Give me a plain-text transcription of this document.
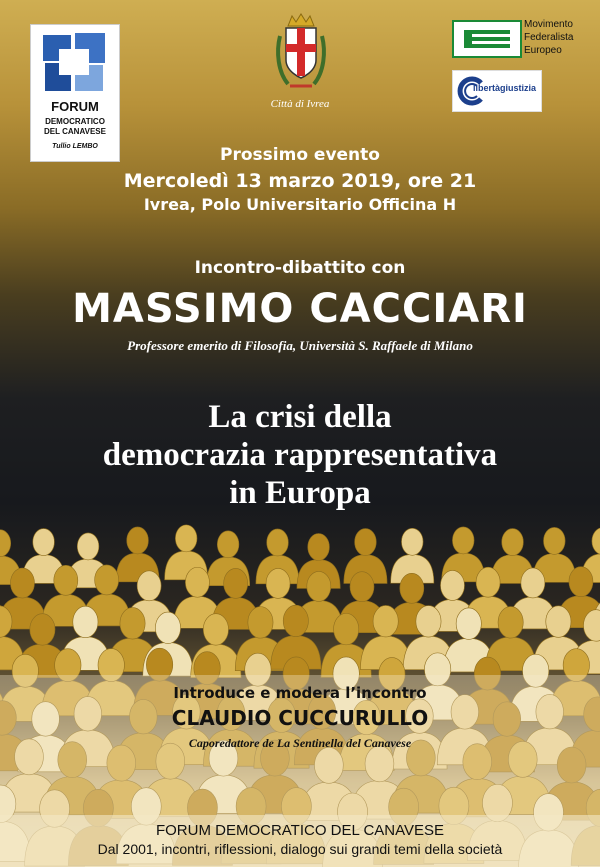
FORUM
DEMOCRATICO
DEL CANAVESE
Tullio LEMBO
Città di Ivrea
Movimento
Federalista
Europeo
libertàgiustizia
Prossimo evento
Mercoledì 13 marzo 2019, ore 21
Ivrea, Polo Universitario Officina H
Incontro-dibattito con
MASSIMO CACCIARI
Professore emerito di Filosofia, Università S. Raffaele di Milano
La crisi della
democrazia rappresentativa
in Europa
Introduce e modera l’incontro
CLAUDIO CUCCURULLO
Caporedattore de La Sentinella del Canavese
FORUM DEMOCRATICO DEL CANAVESE
Dal 2001, incontri, riflessioni, dialogo sui grandi temi della società
